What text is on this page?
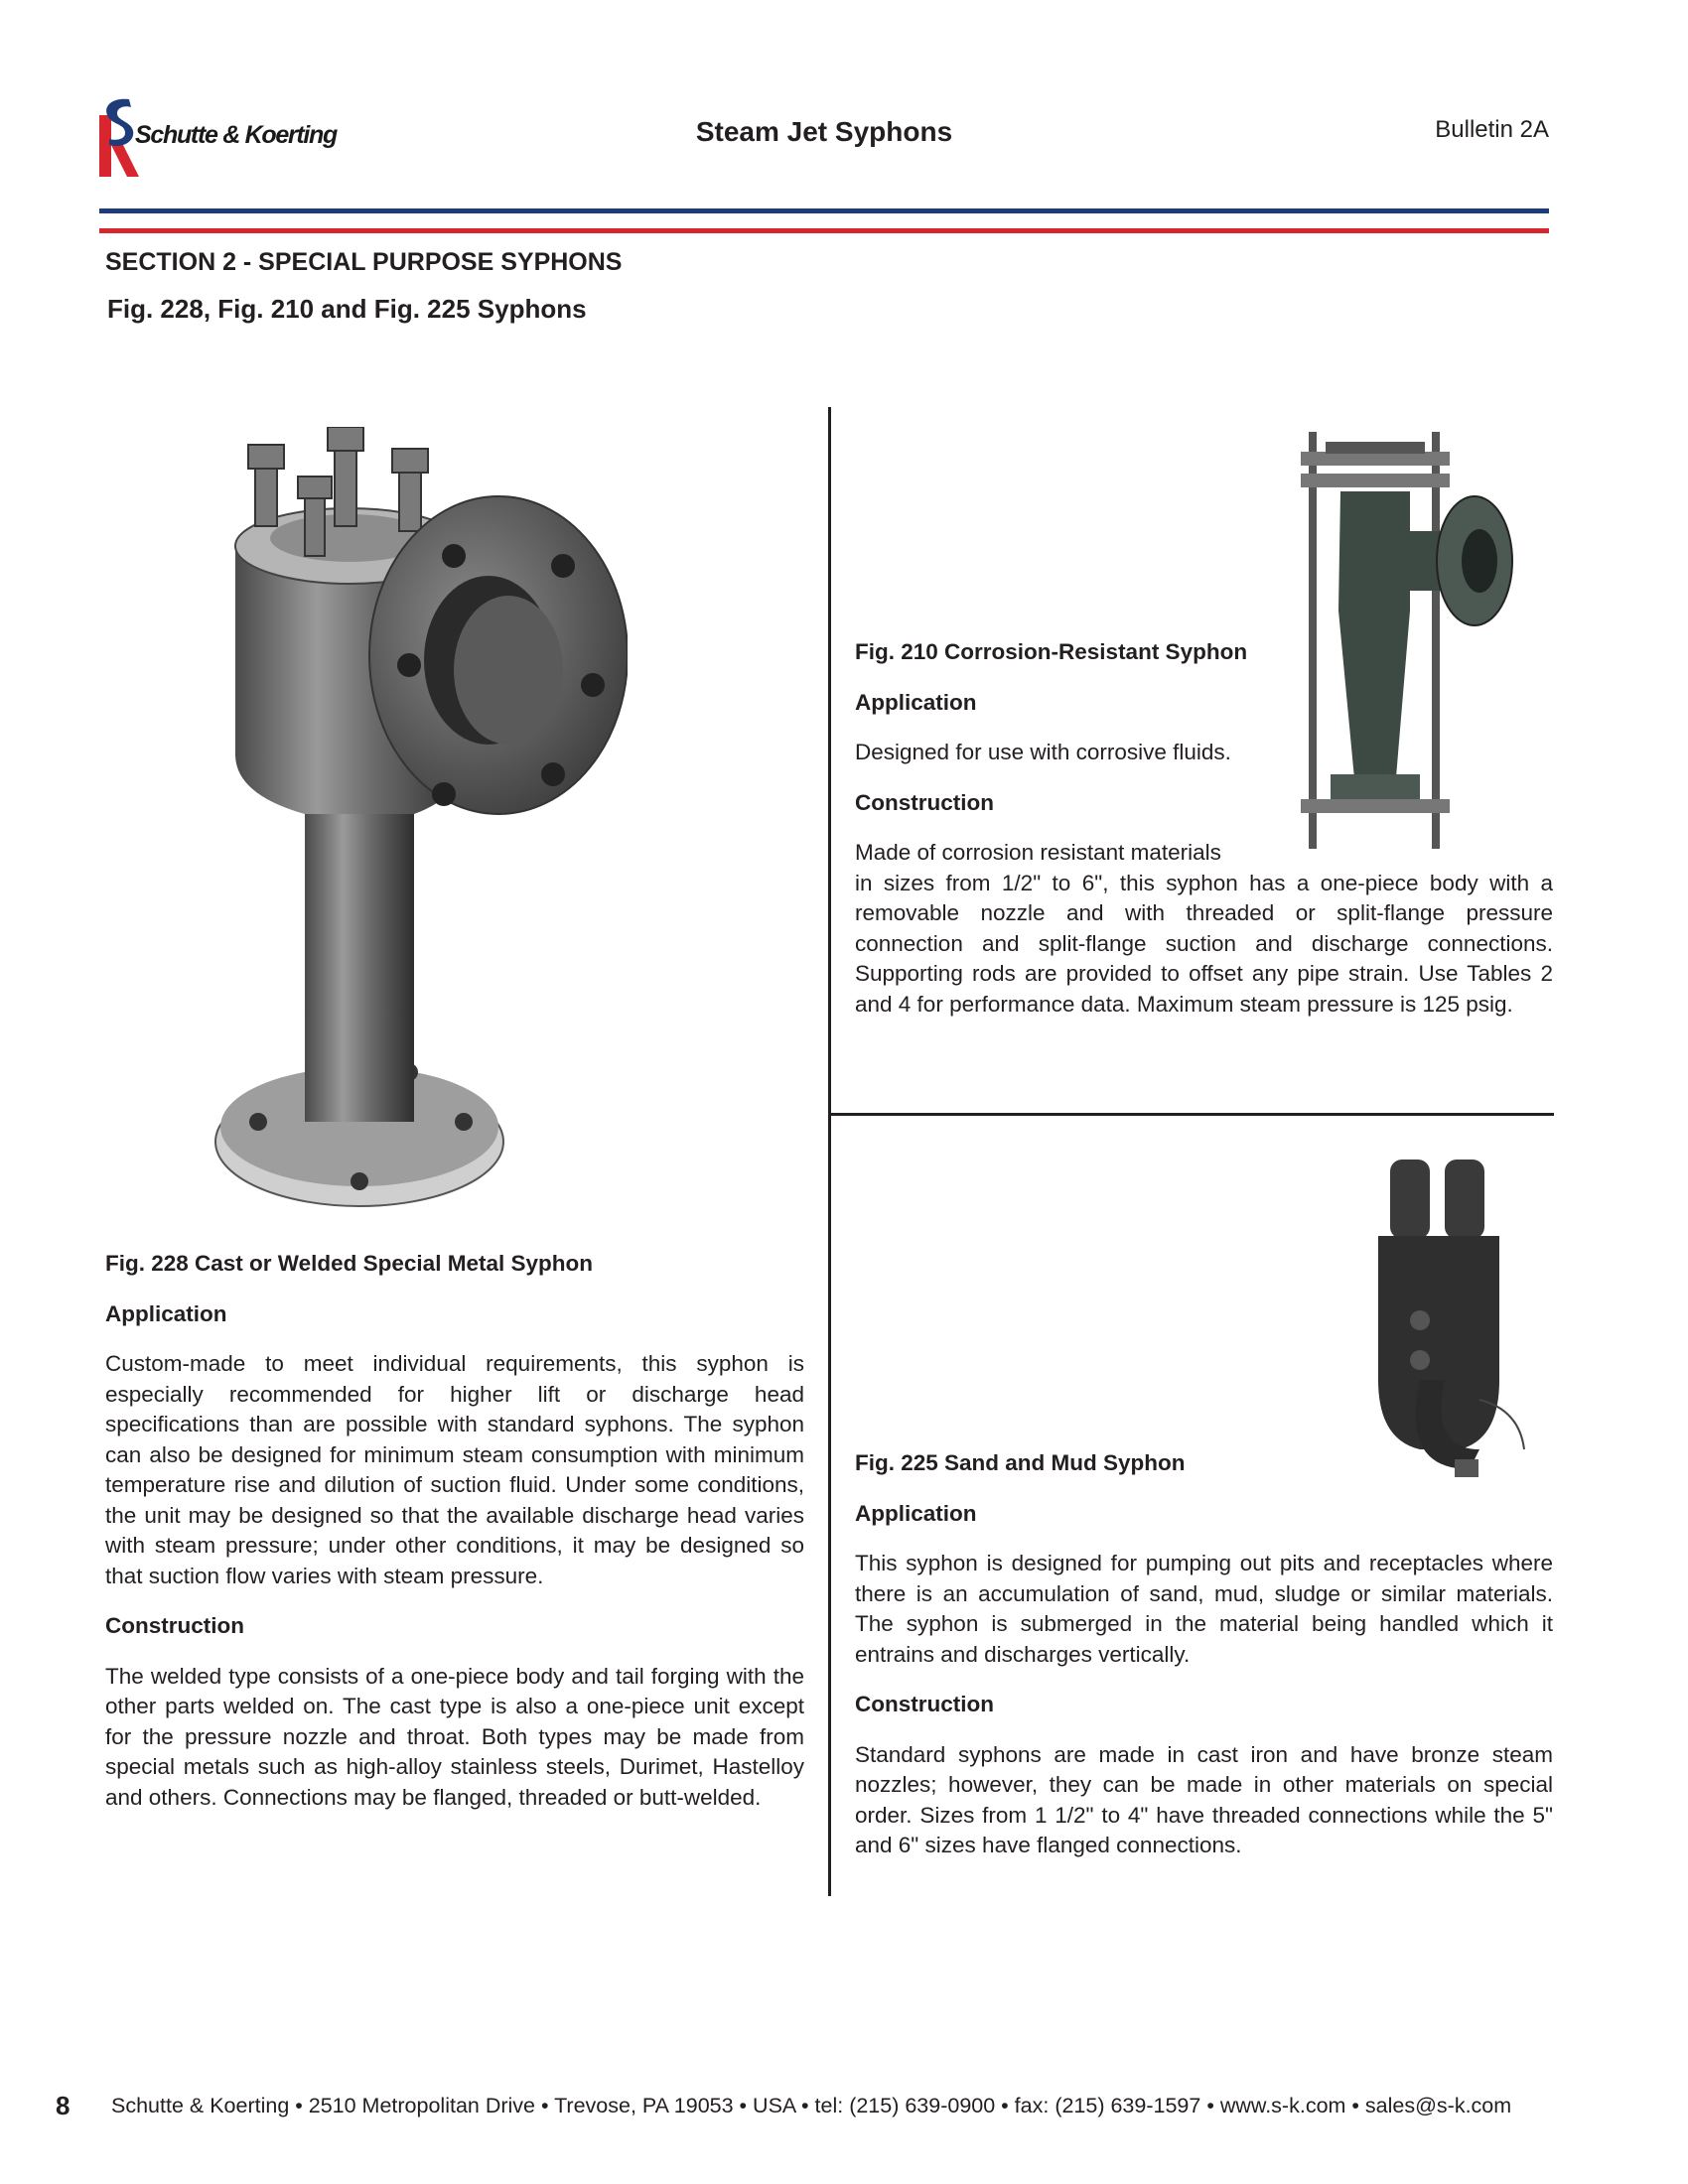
Schutte & Koerting	Steam Jet Syphons	Bulletin 2A
SECTION 2 - SPECIAL PURPOSE SYPHONS
Fig. 228, Fig. 210 and Fig. 225 Syphons
Fig. 228 Cast or Welded Special Metal Syphon
Application

Custom-made to meet individual requirements, this syphon is especially recommended for higher lift or discharge head specifications than are possible with standard syphons. The syphon can also be designed for minimum steam consumption with minimum temperature rise and dilution of suction fluid. Under some conditions, the unit may be designed so that the available discharge head varies with steam pressure; under other conditions, it may be designed so that suction flow varies with steam pressure.

Construction

The welded type consists of a one-piece body and tail forging with the other parts welded on. The cast type is also a one-piece unit except for the pressure nozzle and throat. Both types may be made from special metals such as high-alloy stainless steels, Durimet, Hastelloy and others. Connections may be flanged, threaded or butt-welded.

Fig. 210 Corrosion-Resistant Syphon
Application

Designed for use with corrosive fluids.

Construction

Made of corrosion resistant materials
in sizes from 1/2" to 6", this syphon has a one-piece body with a removable nozzle and with threaded or split-flange pressure connection and split-flange suction and discharge connections. Supporting rods are provided to offset any pipe strain. Use Tables 2 and 4 for performance data. Maximum steam pressure is 125 psig.

Fig. 225 Sand and Mud Syphon
Application

This syphon is designed for pumping out pits and receptacles where there is an accumulation of sand, mud, sludge or similar materials. The syphon is submerged in the material being handled which it entrains and discharges vertically.

Construction

Standard syphons are made in cast iron and have bronze steam nozzles; however, they can be made in other materials on special order. Sizes from 1 1/2" to 4" have threaded connections while the 5" and 6" sizes have flanged connections.

8 Schutte & Koerting • 2510 Metropolitan Drive • Trevose, PA 19053 • USA • tel: (215) 639-0900 • fax: (215) 639-1597 • www.s-k.com • sales@s-k.com
